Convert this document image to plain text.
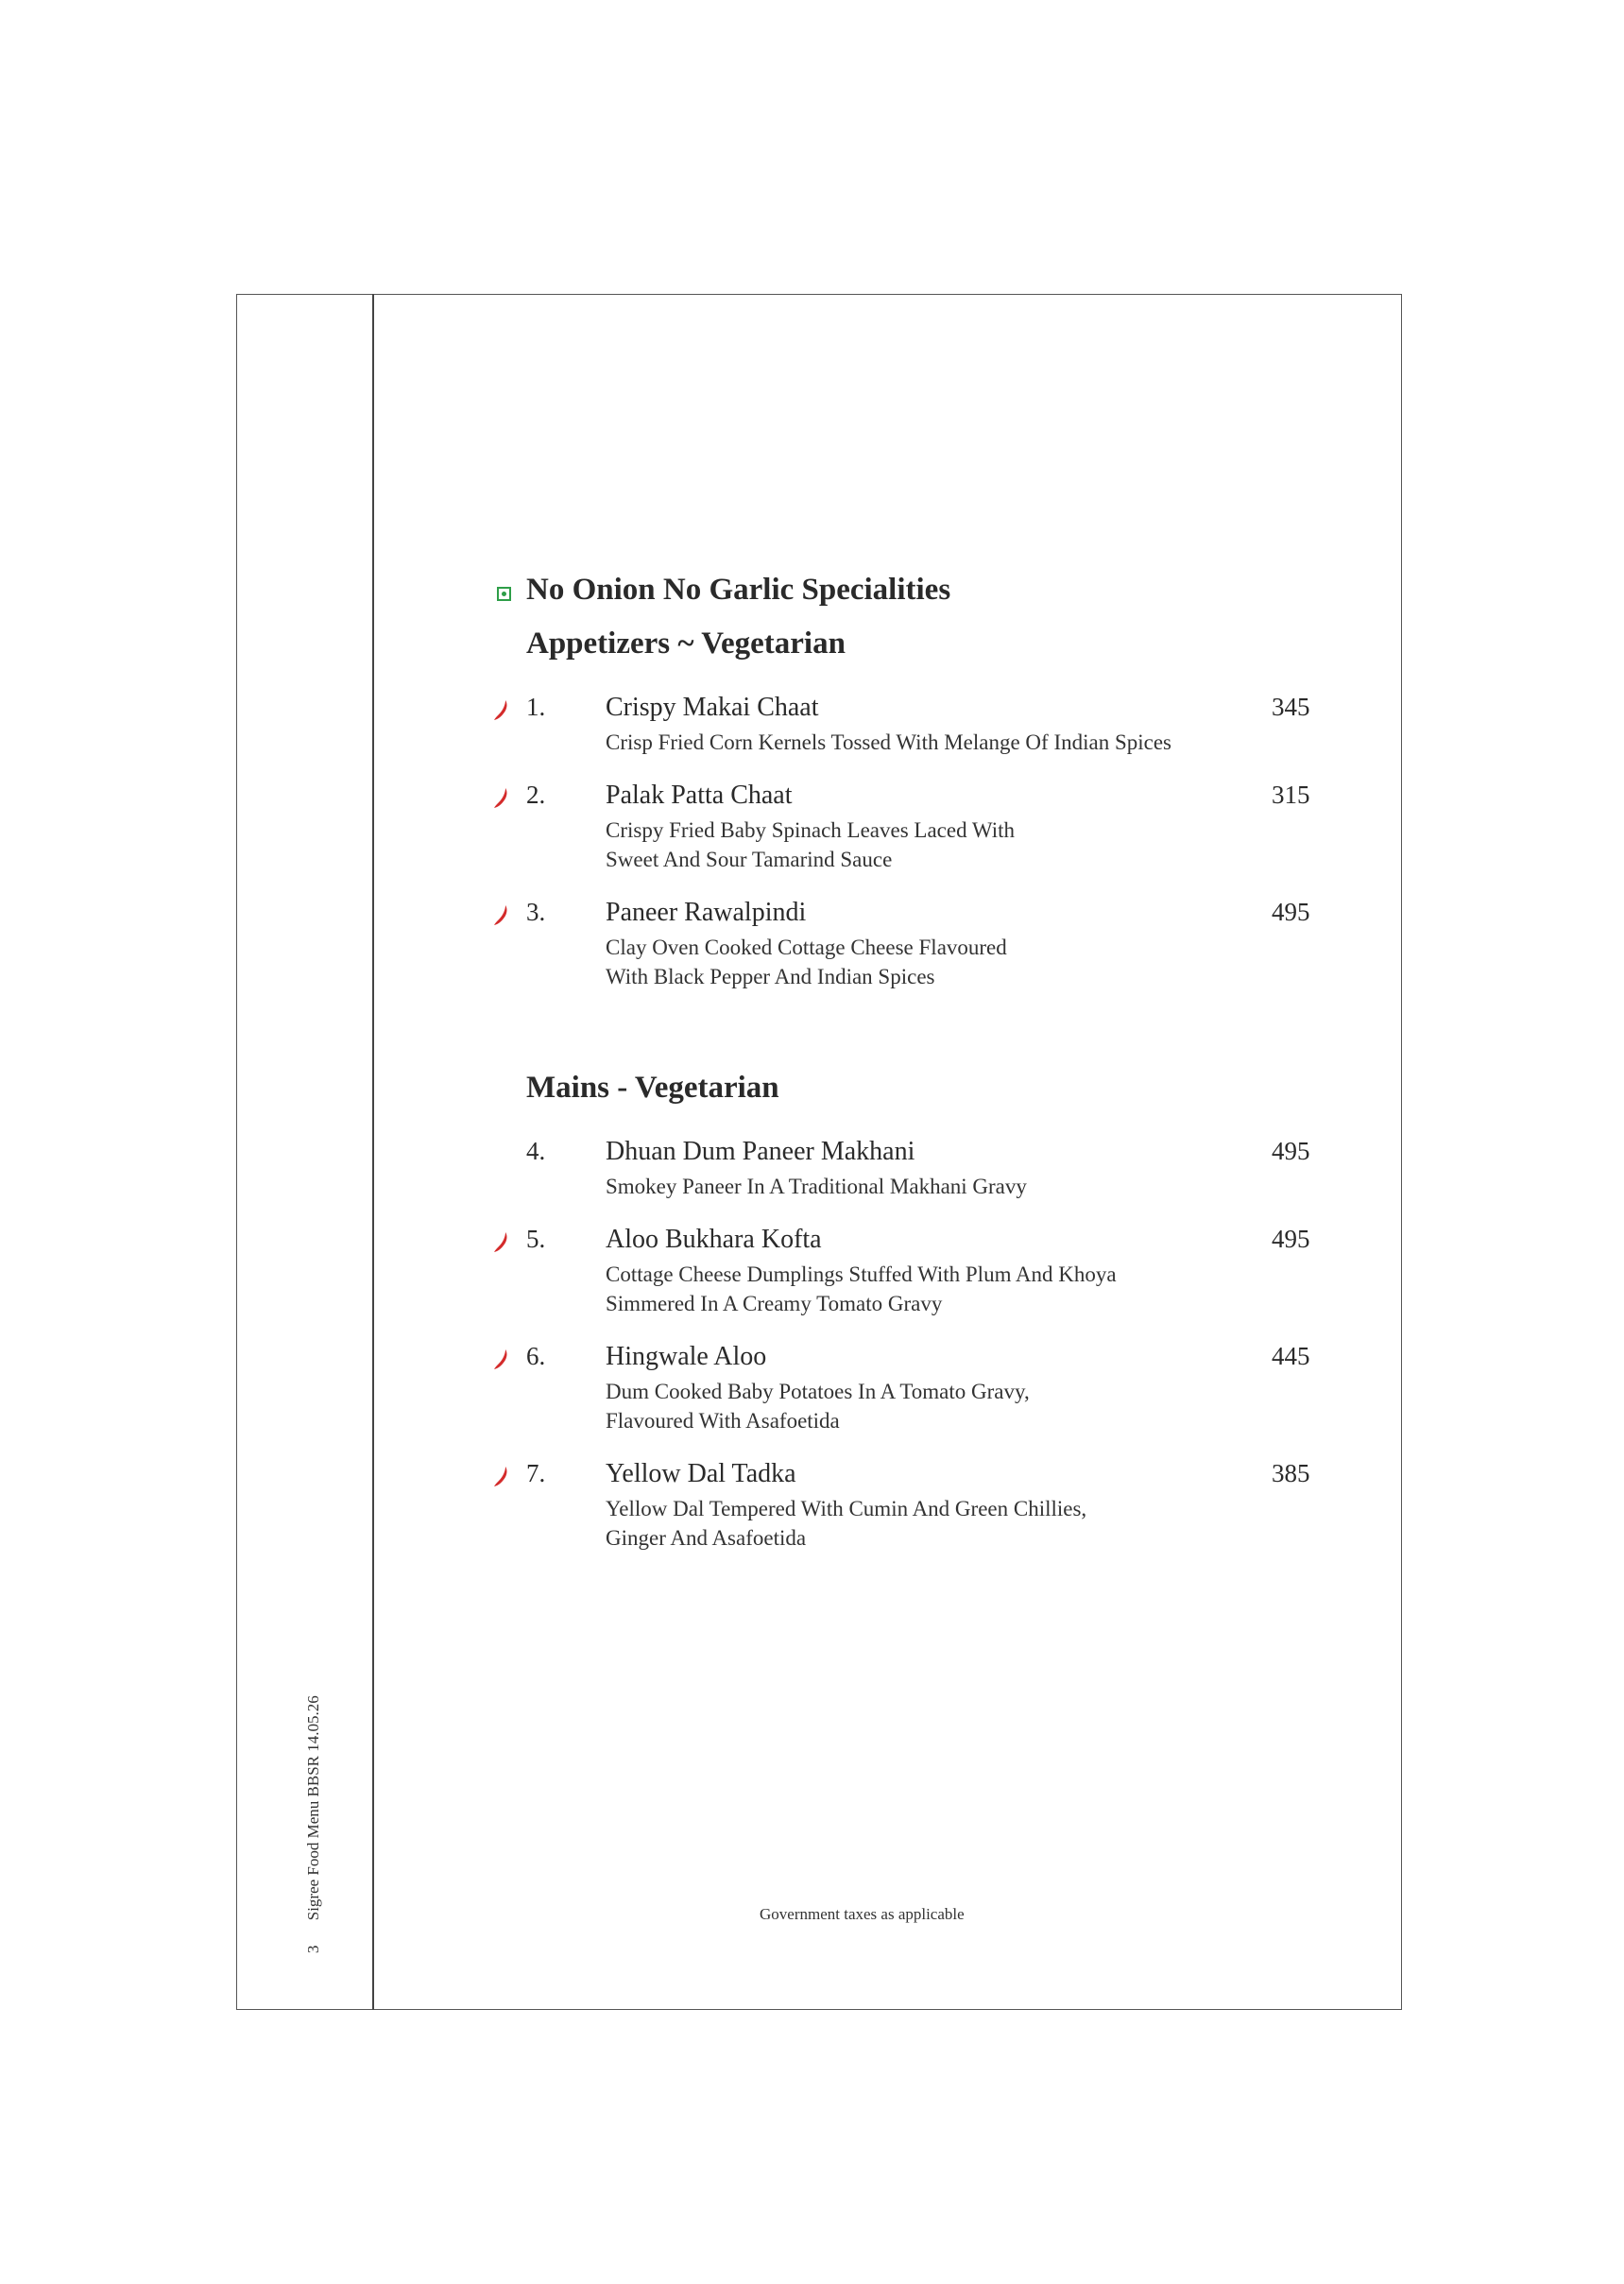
3 Sigree Food Menu BBSR 14.05.26
No Onion No Garlic Specialities
Appetizers ~ Vegetarian
1. Crispy Makai Chaat	345
Crisp Fried Corn Kernels Tossed With Melange Of Indian Spices
2. Palak Patta Chaat	315
Crispy Fried Baby Spinach Leaves Laced With
Sweet And Sour Tamarind Sauce
3. Paneer Rawalpindi	495
Clay Oven Cooked Cottage Cheese Flavoured
With Black Pepper And Indian Spices
Mains - Vegetarian
4. Dhuan Dum Paneer Makhani	495
Smokey Paneer In A Traditional Makhani Gravy
5. Aloo Bukhara Kofta	495
Cottage Cheese Dumplings Stuffed With Plum And Khoya
Simmered In A Creamy Tomato Gravy
6. Hingwale Aloo	445
Dum Cooked Baby Potatoes In A Tomato Gravy,
Flavoured With Asafoetida
7. Yellow Dal Tadka	385
Yellow Dal Tempered With Cumin And Green Chillies,
Ginger And Asafoetida
Government taxes as applicable
